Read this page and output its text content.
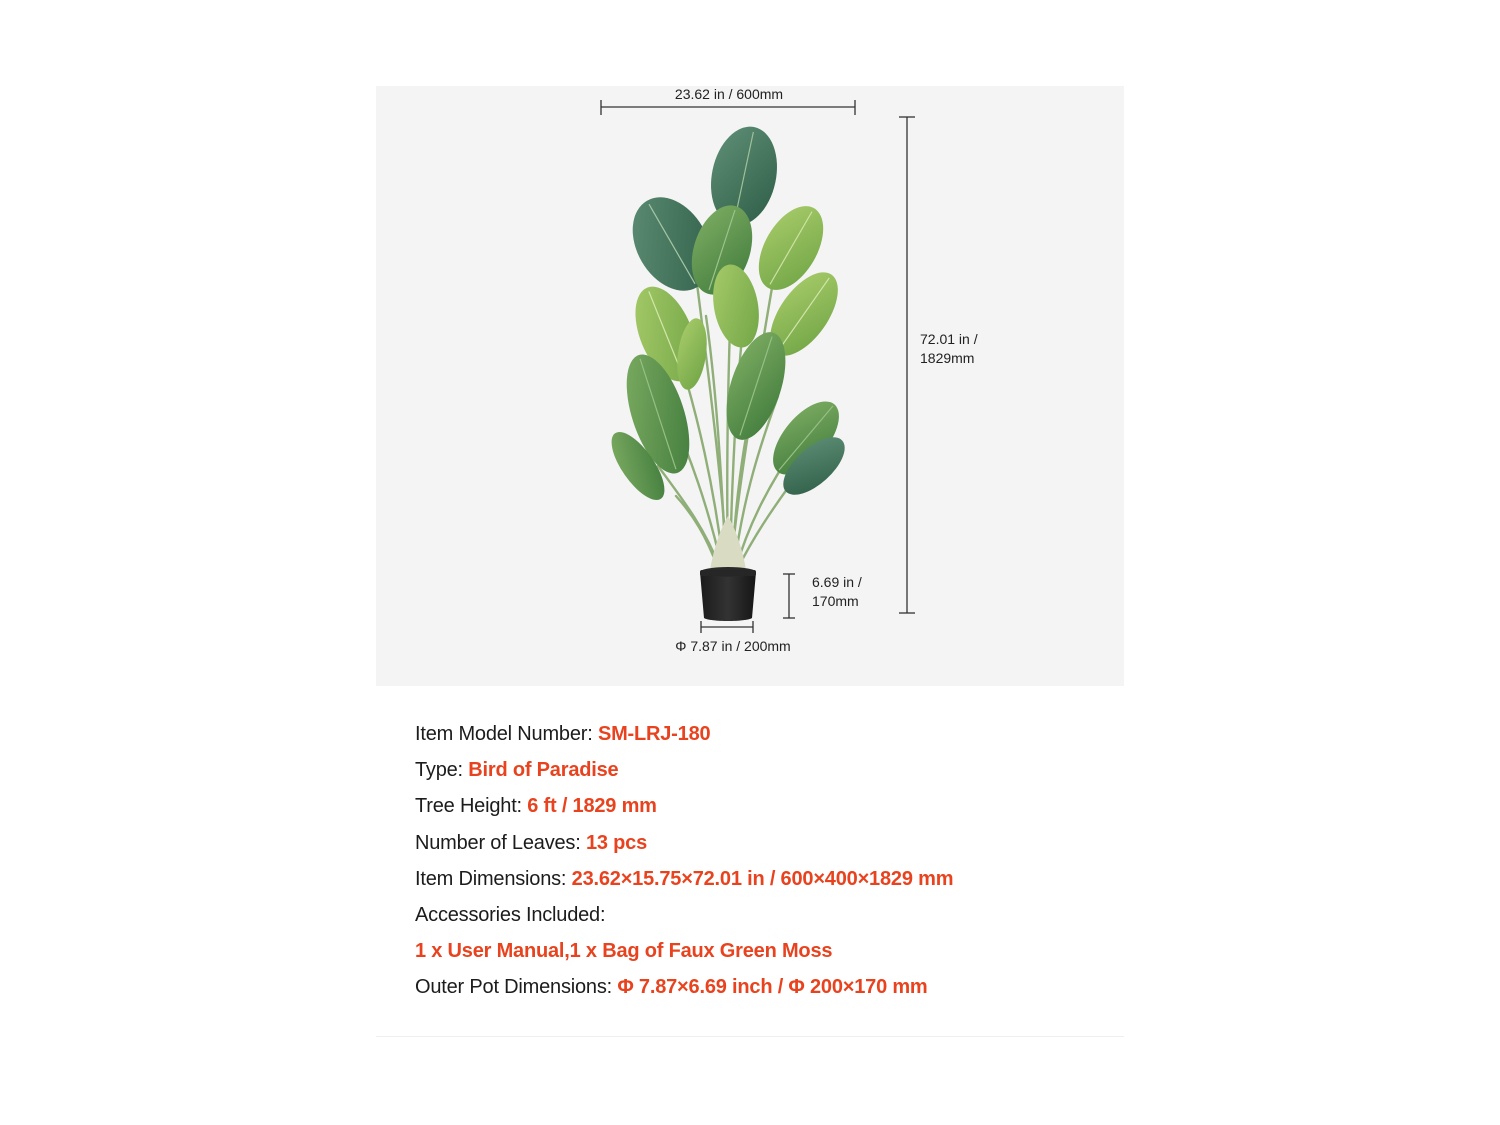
23.62 in / 600mm
72.01 in /
1829mm
6.69 in /
170mm
Φ 7.87 in / 200mm
Item Model Number: SM-LRJ-180
Type: Bird of Paradise
Tree Height: 6 ft / 1829 mm
Number of Leaves: 13 pcs
Item Dimensions: 23.62×15.75×72.01 in / 600×400×1829 mm
Accessories Included:
1 x User Manual,1 x Bag of Faux Green Moss
Outer Pot Dimensions: Φ 7.87×6.69 inch / Φ 200×170 mm
